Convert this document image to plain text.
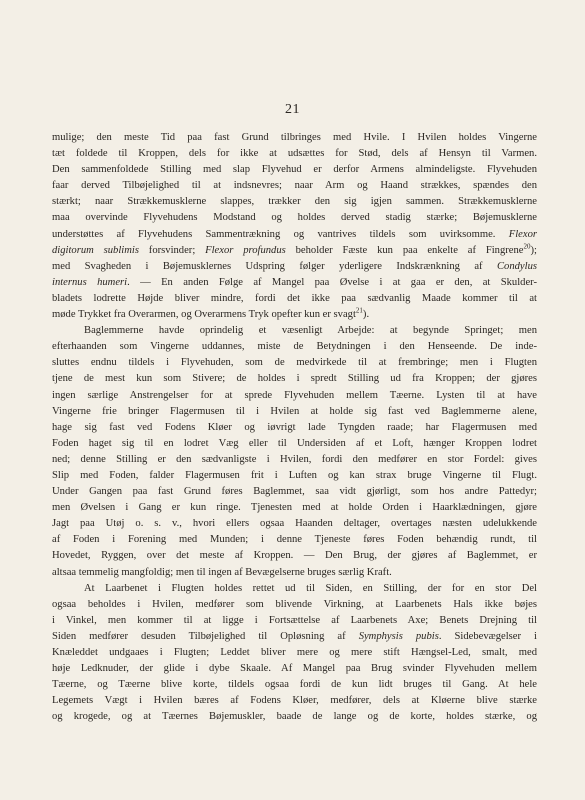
21
mulige; den meste Tid paa fast Grund tilbringes med Hvile. I Hvilen holdes Vingerne
tæt foldede til Kroppen, dels for ikke at udsættes for Stød, dels af Hensyn til Varmen.
Den sammenfoldede Stilling med slap Flyvehud er derfor Armens almindeligste. Flyvehuden
faar derved Tilbøjelighed til at indsnevres; naar Arm og Haand strækkes, spændes den
stærkt; naar Strækkemusklerne slappes, trækker den sig igjen sammen. Strækkemusklerne
maa overvinde Flyvehudens Modstand og holdes derved stadig stærke; Bøjemusklerne
understøttes af Flyvehudens Sammentrækning og vantrives tildels som uvirksomme. Flexor
digitorum sublimis forsvinder; Flexor profundus beholder Fæste kun paa enkelte af Fingrene$^{20}$);
med Svagheden i Bøjemusklernes Udspring følger yderligere Indskrænkning af Condylus
internus humeri. — En anden Følge af Mangel paa Øvelse i at gaa er den, at Skulder-
bladets lodrette Højde bliver mindre, fordi det ikke paa sædvanlig Maade kommer til at
møde Trykket fra Overarmen, og Overarmens Tryk opefter kun er svagt$^{21}$).
Baglemmerne havde oprindelig et væsenligt Arbejde: at begynde Springet; men
efterhaanden som Vingerne uddannes, miste de Betydningen i den Henseende. De inde-
sluttes endnu tildels i Flyvehuden, som de medvirkede til at frembringe; men i Flugten
tjene de mest kun som Stivere; de holdes i spredt Stilling ud fra Kroppen; der gjøres
ingen særlige Anstrengelser for at sprede Flyvehuden mellem Tæerne. Lysten til at have
Vingerne frie bringer Flagermusen til i Hvilen at holde sig fast ved Baglemmerne alene,
hage sig fast ved Fodens Kløer og iøvrigt lade Tyngden raade; har Flagermusen med
Foden haget sig til en lodret Væg eller til Undersiden af et Loft, hænger Kroppen lodret
ned; denne Stilling er den sædvanligste i Hvilen, fordi den medfører en stor Fordel: gives
Slip med Foden, falder Flagermusen frit i Luften og kan strax bruge Vingerne til Flugt.
Under Gangen paa fast Grund føres Baglemmet, saa vidt gjørligt, som hos andre Pattedyr;
men Øvelsen i Gang er kun ringe. Tjenesten med at holde Orden i Haarklædningen, gjøre
Jagt paa Utøj o. s. v., hvori ellers ogsaa Haanden deltager, overtages næsten udelukkende
af Foden i Forening med Munden; i denne Tjeneste føres Foden behændig rundt, til
Hovedet, Ryggen, over det meste af Kroppen. — Den Brug, der gjøres af Baglemmet, er
altsaa temmelig mangfoldig; men til ingen af Bevægelserne bruges særlig Kraft.
At Laarbenet i Flugten holdes rettet ud til Siden, en Stilling, der for en stor Del
ogsaa beholdes i Hvilen, medfører som blivende Virkning, at Laarbenets Hals ikke bøjes
i Vinkel, men kommer til at ligge i Fortsættelse af Laarbenets Axe; Benets Drejning til
Siden medfører desuden Tilbøjelighed til Opløsning af Symphysis pubis. Sidebevægelser i
Knæleddet undgaaes i Flugten; Leddet bliver mere og mere stift Hængsel-Led, smalt, med
høje Ledknuder, der glide i dybe Skaale. Af Mangel paa Brug svinder Flyvehuden mellem
Tæerne, og Tæerne blive korte, tildels ogsaa fordi de kun lidt bruges til Gang. At hele
Legemets Vægt i Hvilen bæres af Fodens Kløer, medfører, dels at Kløerne blive stærke
og krogede, og at Tæernes Bøjemuskler, baade de lange og de korte, holdes stærke, og
